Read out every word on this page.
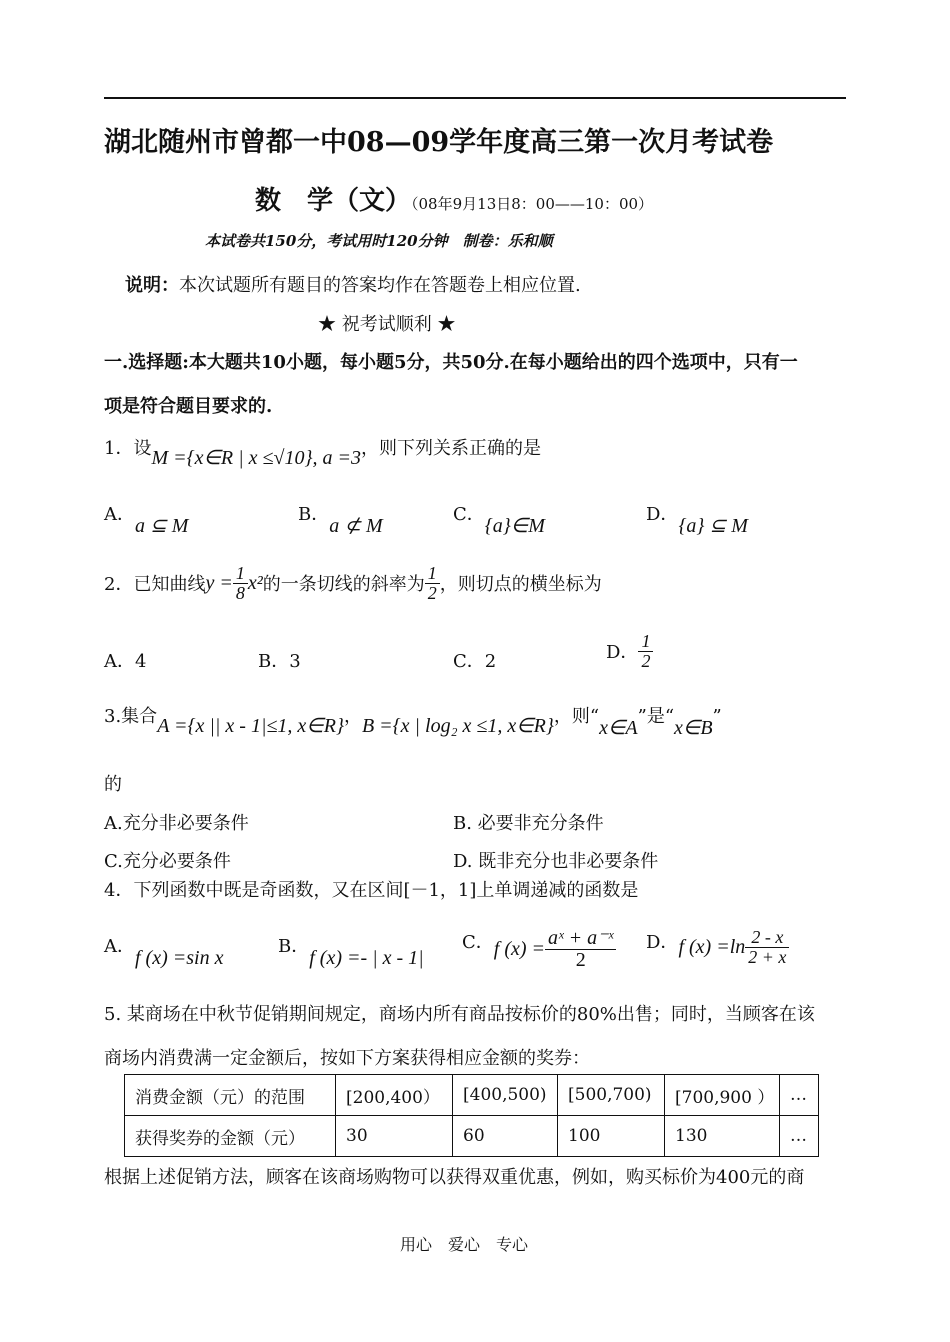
湖北随州市曾都一中08—09学年度高三第一次月考试卷
数　学（文）（08年9月13日8：00——10：00）
本试卷共150分，考试用时120分钟　制卷：乐和顺
说明：本次试题所有题目的答案均作在答题卷上相应位置.
★ 祝考试顺利 ★
一.选择题:本大题共10小题，每小题5分，共50分.在每小题给出的四个选项中，只有一
项是符合题目要求的.
1．设M ={x∈R | x ≤√10}, a =3，则下列关系正确的是
A．a ⊆ M
B．a ⊄ M
C．{a}∈M
D．{a} ⊆ M
2．已知曲线 $y = \frac{1}{8} x^2$ 的一条切线的斜率为 $\frac{1}{2}$ ，则切点的横坐标为
A．4	B．3	C．2	D． $\frac{1}{2}$
3.集合A ={x || x - 1|≤1, x∈R}，B ={x | log₂ x ≤1, x∈R}，则“x∈A”是“x∈B”
的
A.充分非必要条件	B. 必要非充分条件
C.充分必要条件	D. 既非充分也非必要条件
4．下列函数中既是奇函数，又在区间[－1，1]上单调递减的函数是
A．f (x) =sin x
B．f (x) =- | x - 1|
C． f $(x) = \frac{\text{aˣ + a⁻ˣ}}{2}$ D． f $(x) =\ln \frac{2 - x}{2 + x}$
5. 某商场在中秋节促销期间规定，商场内所有商品按标价的80%出售；同时，当顾客在该
商场内消费满一定金额后，按如下方案获得相应金额的奖券：
消费金额（元）的范围	[200,400）	[400,500)	[500,700)	[700,900 ）	…
获得奖券的金额（元）	30	60	100	130	…
根据上述促销方法，顾客在该商场购物可以获得双重优惠，例如，购买标价为400元的商
用心　爱心　专心
